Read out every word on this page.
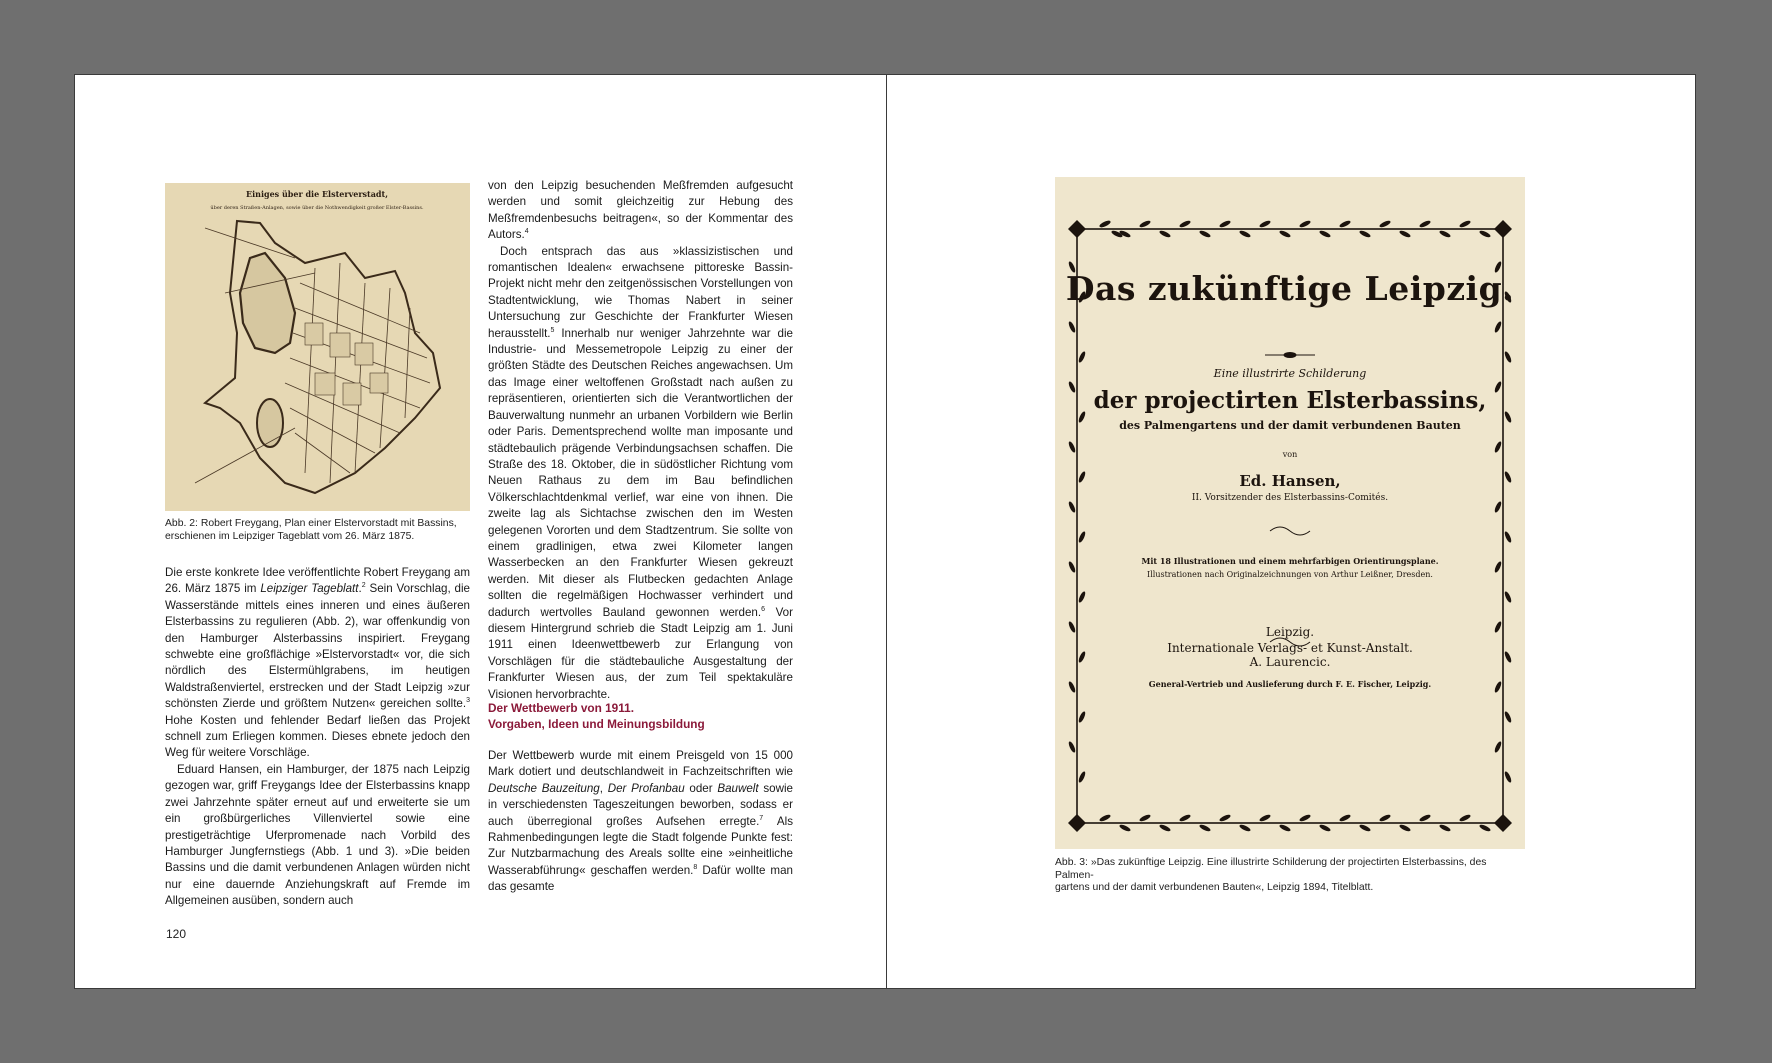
Einiges über die Elsterverstadt,
über deren Straßen-Anlagen, sowie über die Nothwendigkeit großer Elster-Bassins.
Abb. 2: Robert Freygang, Plan einer Elstervorstadt mit Bassins,
erschienen im Leipziger Tageblatt vom 26. März 1875.

Die erste konkrete Idee veröffentlichte Robert Freygang am 26. März 1875 im Leipziger Tageblatt.$^2$ Sein Vorschlag, die Wasserstände mittels eines inneren und eines äußeren Elsterbassins zu regulieren (Abb. 2), war offenkundig von den Hamburger Alsterbassins inspiriert. Freygang schwebte eine großflächige »Elstervorstadt« vor, die sich nördlich des Elstermühlgrabens, im heutigen Waldstraßenviertel, erstrecken und der Stadt Leipzig »zur schönsten Zierde und größtem Nutzen« gereichen sollte.$^3$ Hohe Kosten und fehlender Bedarf ließen das Projekt schnell zum Erliegen kommen. Dieses ebnete jedoch den Weg für weitere Vorschläge.

Eduard Hansen, ein Hamburger, der 1875 nach Leipzig gezogen war, griff Freygangs Idee der Elsterbassins knapp zwei Jahrzehnte später erneut auf und erweiterte sie um ein großbürgerliches Villenviertel sowie eine prestigeträchtige Uferpromenade nach Vorbild des Hamburger Jungfernstiegs (Abb. 1 und 3). »Die beiden Bassins und die damit verbundenen Anlagen würden nicht nur eine dauernde Anziehungskraft auf Fremde im Allgemeinen ausüben, sondern auch

von den Leipzig besuchenden Meßfremden aufgesucht werden und somit gleichzeitig zur Hebung des Meßfremdenbesuchs beitragen«, so der Kommentar des Autors.$^4$

Doch entsprach das aus »klassizistischen und romantischen Idealen« erwachsene pittoreske Bassin-Projekt nicht mehr den zeitgenössischen Vorstellungen von Stadtentwicklung, wie Thomas Nabert in seiner Untersuchung zur Geschichte der Frankfurter Wiesen herausstellt.$^5$ Innerhalb nur weniger Jahrzehnte war die Industrie- und Messemetropole Leipzig zu einer der größten Städte des Deutschen Reiches angewachsen. Um das Image einer weltoffenen Großstadt nach außen zu repräsentieren, orientierten sich die Verantwortlichen der Bauverwaltung nunmehr an urbanen Vorbildern wie Berlin oder Paris. Dementsprechend wollte man imposante und städtebaulich prägende Verbindungsachsen schaffen. Die Straße des 18. Oktober, die in südöstlicher Richtung vom Neuen Rathaus zu dem im Bau befindlichen Völkerschlachtdenkmal verlief, war eine von ihnen. Die zweite lag als Sichtachse zwischen den im Westen gelegenen Vororten und dem Stadtzentrum. Sie sollte von einem gradlinigen, etwa zwei Kilometer langen Wasserbecken an den Frankfurter Wiesen gekreuzt werden. Mit dieser als Flutbecken gedachten Anlage sollten die regelmäßigen Hochwasser verhindert und dadurch wertvolles Bauland gewonnen werden.$^6$ Vor diesem Hintergrund schrieb die Stadt Leipzig am 1. Juni 1911 einen Ideenwettbewerb zur Erlangung von Vorschlägen für die städtebauliche Ausgestaltung der Frankfurter Wiesen aus, der zum Teil spektakuläre Visionen hervorbrachte.

Der Wettbewerb von 1911.
Vorgaben, Ideen und Meinungsbildung

Der Wettbewerb wurde mit einem Preisgeld von 15 000 Mark dotiert und deutschlandweit in Fachzeitschriften wie Deutsche Bauzeitung, Der Profanbau oder Bauwelt sowie in verschiedensten Tageszeitungen beworben, sodass er auch überregional großes Aufsehen erregte.$^7$ Als Rahmenbedingungen legte die Stadt folgende Punkte fest: Zur Nutzbarmachung des Areals sollte eine »einheitliche Wasserabführung« geschaffen werden.$^8$ Dafür wollte man das gesamte

120
Das zukünftige Leipzig.
Eine illustrirte Schilderung
der projectirten Elsterbassins,
des Palmengartens und der damit verbundenen Bauten
von
Ed. Hansen,
II. Vorsitzender des Elsterbassins-Comités.
Mit 18 Illustrationen und einem mehrfarbigen Orientirungsplane.
Illustrationen nach Originalzeichnungen von Arthur Leißner, Dresden.
Leipzig.
Internationale Verlags- et Kunst-Anstalt.
A. Laurencic.
General-Vertrieb und Auslieferung durch F. E. Fischer, Leipzig.
Abb. 3: »Das zukünftige Leipzig. Eine illustrirte Schilderung der projectirten Elsterbassins, des Palmen-
gartens und der damit verbundenen Bauten«, Leipzig 1894, Titelblatt.
